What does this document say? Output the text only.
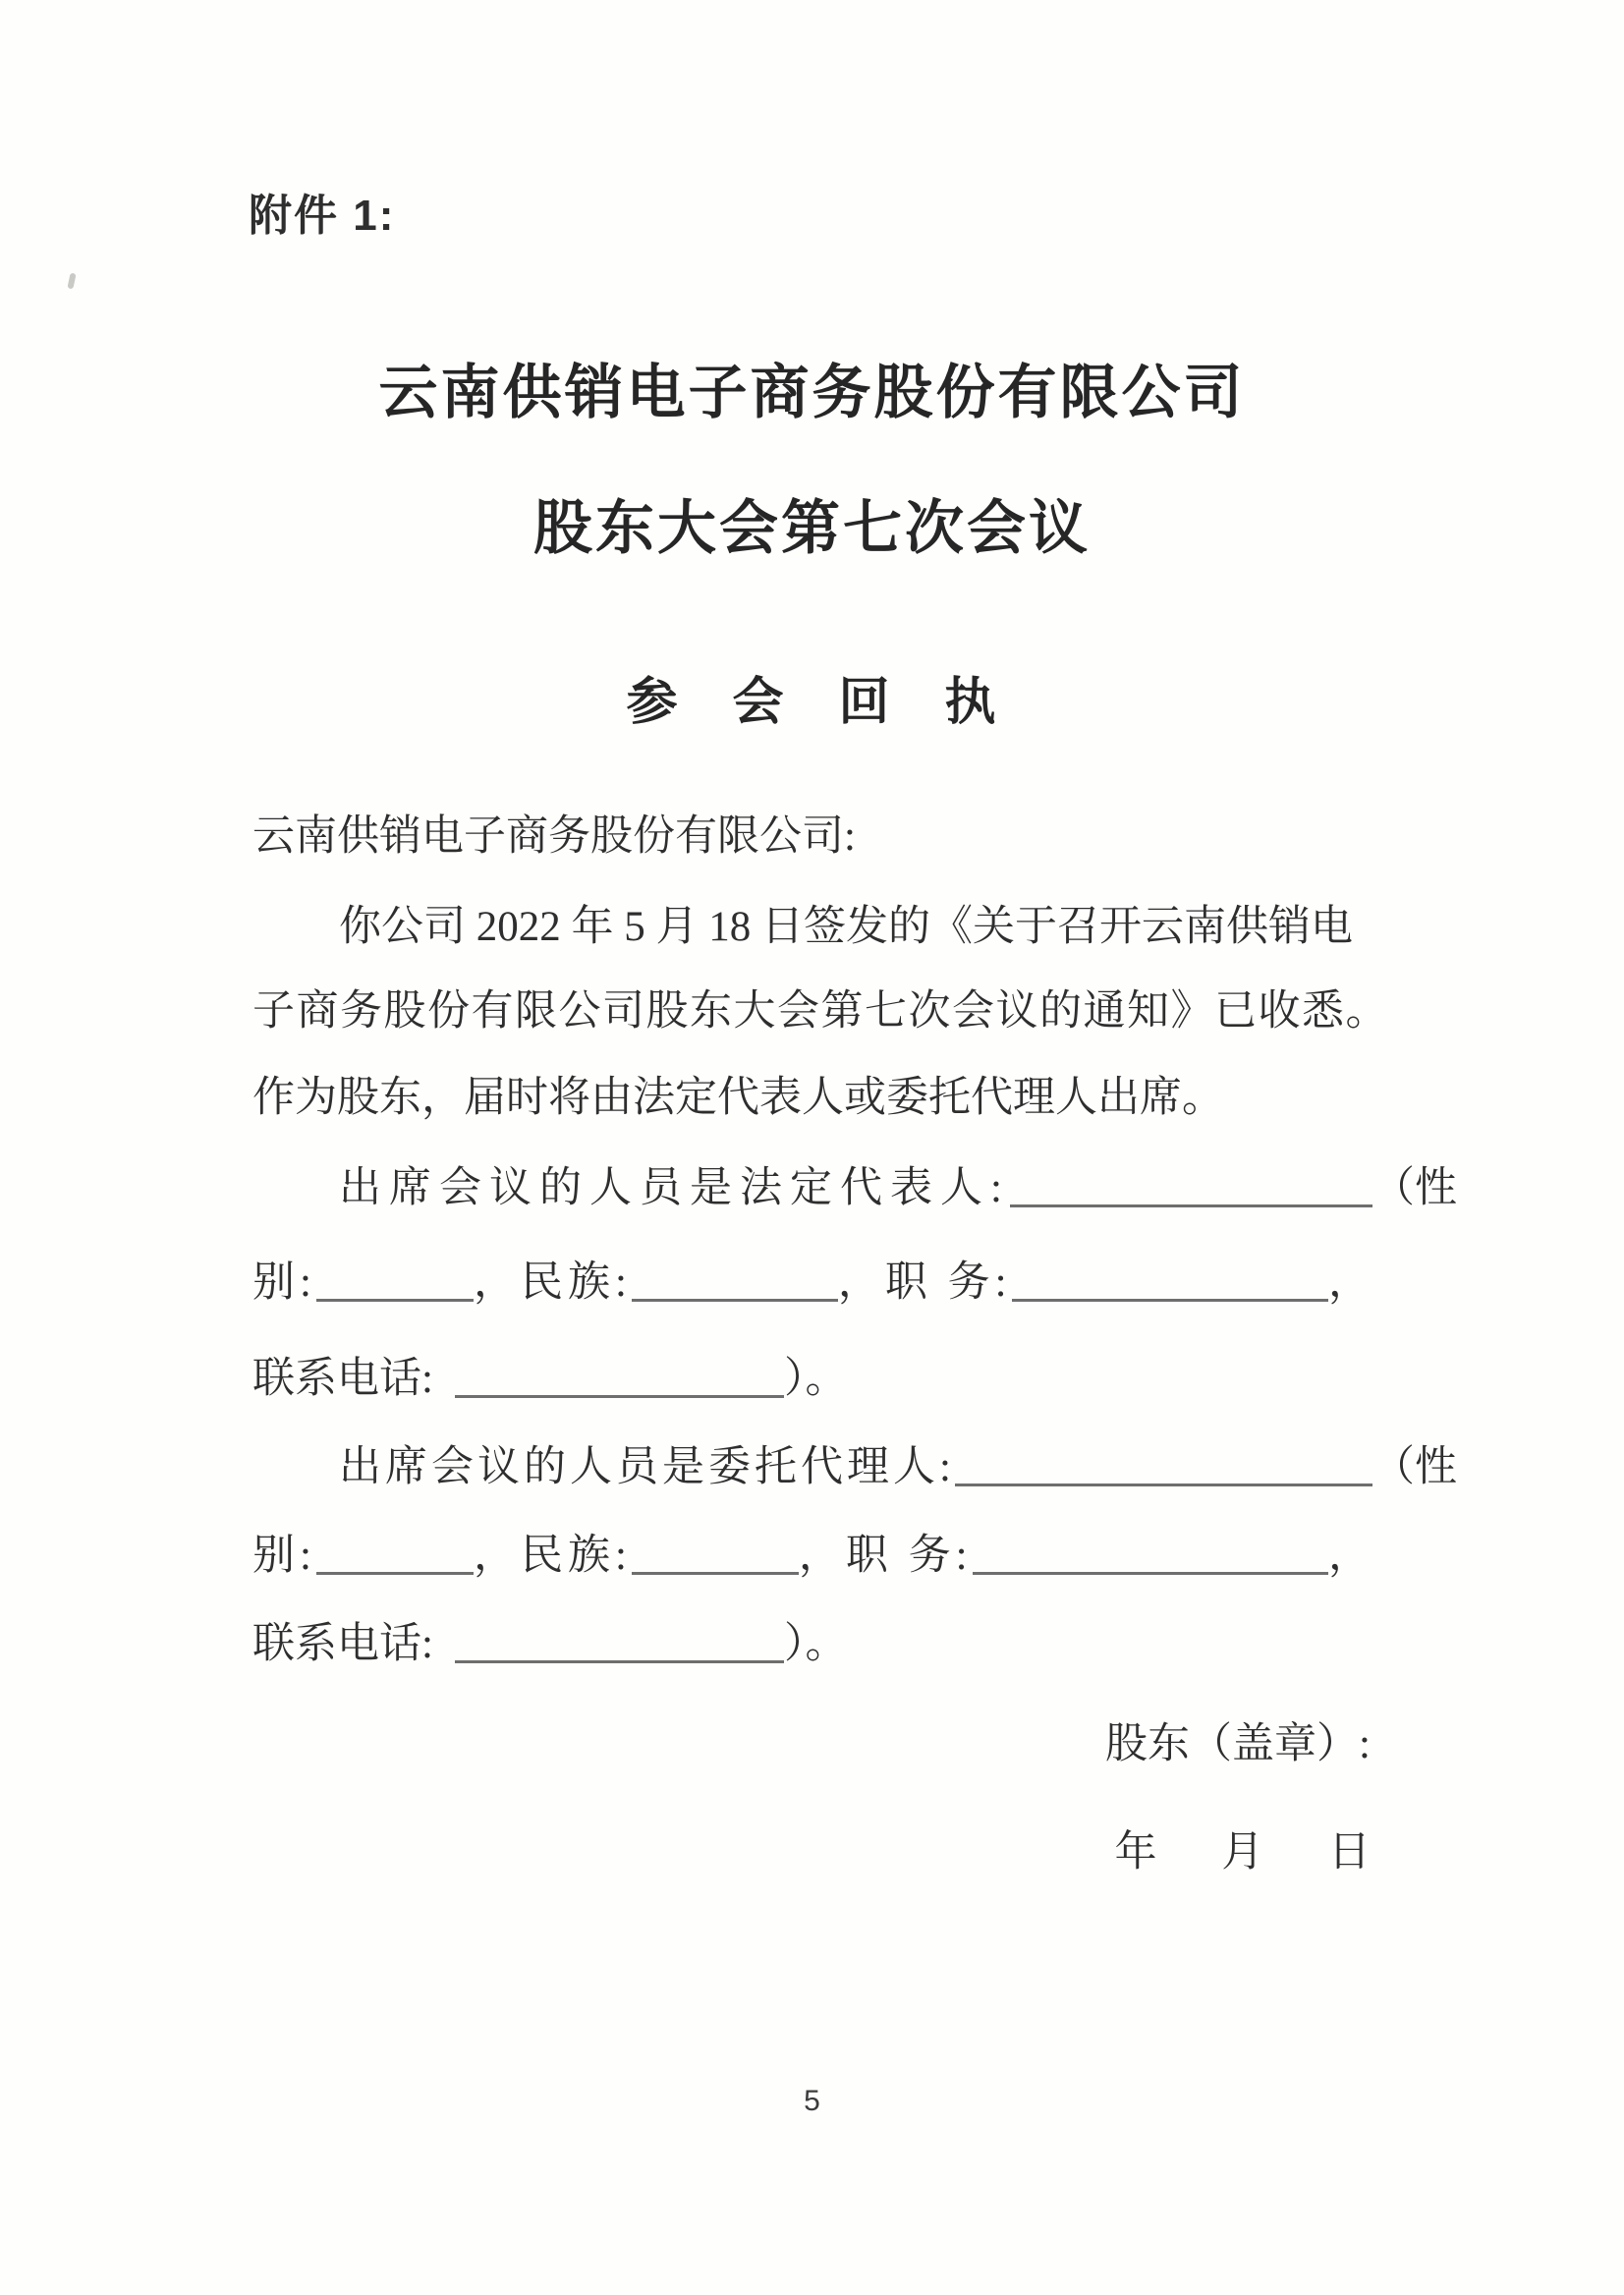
附件 1:
云南供销电子商务股份有限公司
股东大会第七次会议
参　会　回　执
云南供销电子商务股份有限公司:
你公司 2022 年 5 月 18 日签发的《关于召开云南供销电
子商务股份有限公司股东大会第七次会议的通知》已收悉。
作为股东，届时将由法定代表人或委托代理人出席。
出席会议的人员是法定代表人:	（性
别:	，民族:	，职 务:	，
联系电话:	）。
出席会议的人员是委托代理人:	（性
别:	，民族:	，职 务:	，
联系电话:	）。
股东（盖章）:
年 月 日
5
